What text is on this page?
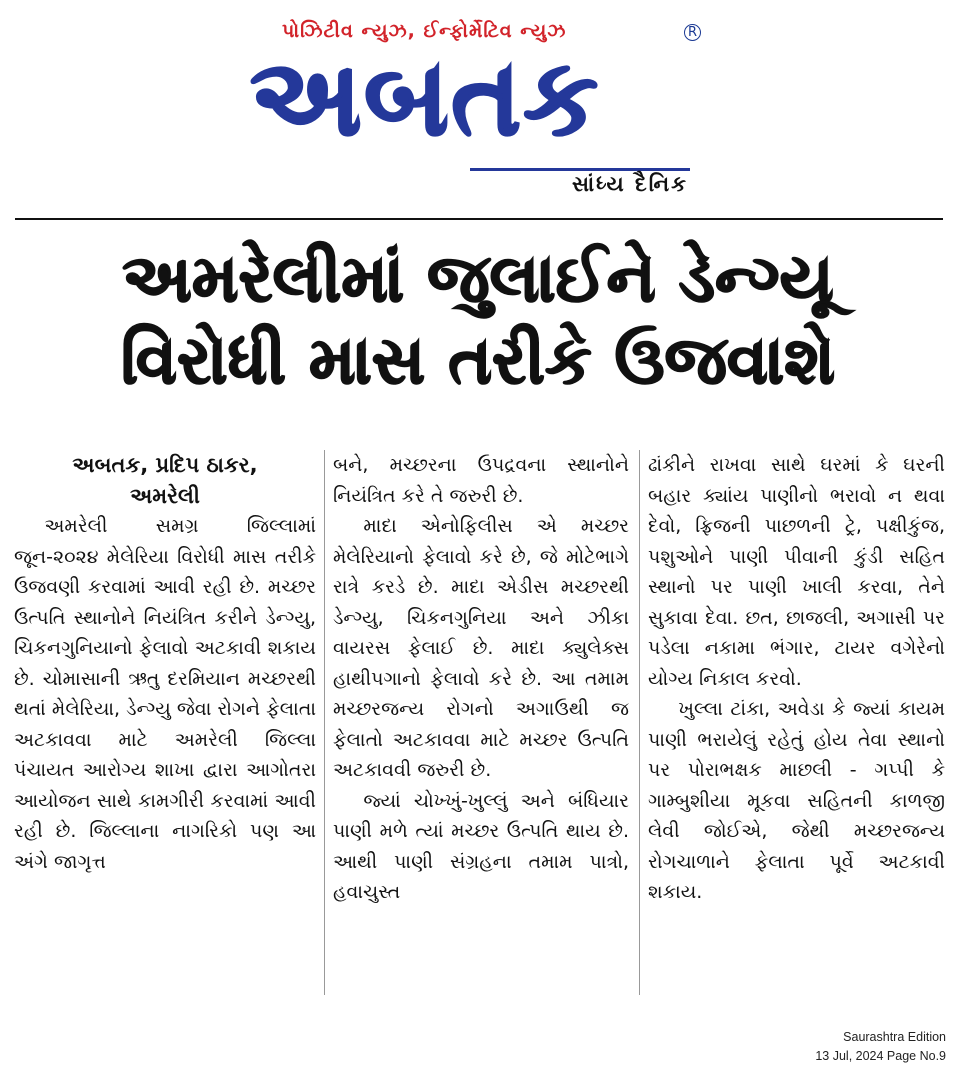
પોઝિટીવ ન્યુઝ, ઈન્ફોર્મેટિવ ન્યુઝ	R
અબતક
સાંધ્ય દૈનિક
અમરેલીમાં જુલાઈને ડેન્ગ્યૂ
વિરોધી માસ તરીકે ઉજવાશે
અબતક, પ્રદિપ ઠાકર,
અમરેલી

અમરેલી સમગ્ર જિલ્લામાં જૂન-૨૦૨૪ મેલેરિયા વિરોધી માસ તરીકે ઉજવણી કરવામાં આવી રહી છે. મચ્છર ઉત્પતિ સ્થાનોને નિયંત્રિત કરીને ડેન્ગ્યુ, ચિકનગુનિયાનો ફેલાવો અટકાવી શકાય છે. ચોમાસાની ઋતુ દરમિયાન મચ્છરથી થતાં મેલેરિયા, ડેન્ગ્યુ જેવા રોગને ફેલાતા અટકાવવા માટે અમરેલી જિલ્લા પંચાયત આરોગ્ય શાખા દ્વારા આગોતરા આયોજન સાથે કામગીરી કરવામાં આવી રહી છે. જિલ્લાના નાગરિકો પણ આ અંગે જાગૃત્ત

બને, મચ્છરના ઉપદ્રવના સ્થાનોને નિયંત્રિત કરે તે જરુરી છે.

માદા એનોફિલીસ એ મચ્છર મેલેરિયાનો ફેલાવો કરે છે, જે મોટેભાગે રાત્રે કરડે છે. માદા એડીસ મચ્છરથી ડેન્ગ્યુ, ચિકનગુનિયા અને ઝીકા વાયરસ ફેલાઈ છે. માદા ક્યુલેક્સ હાથીપગાનો ફેલાવો કરે છે. આ તમામ મચ્છરજન્ય રોગનો અગાઉથી જ ફેલાતો અટકાવવા માટે મચ્છર ઉત્પતિ અટકાવવી જરુરી છે.

જ્યાં ચોખ્ખું-ખુલ્લું અને બંધિયાર પાણી મળે ત્યાં મચ્છર ઉત્પતિ થાય છે. આથી પાણી સંગ્રહના તમામ પાત્રો, હવાચુસ્ત

ઢાંકીને રાખવા સાથે ઘરમાં કે ઘરની બહાર ક્યાંય પાણીનો ભરાવો ન થવા દેવો, ફ્રિજની પાછળની ટ્રે, પક્ષીકુંજ, પશુઓને પાણી પીવાની કુંડી સહિત સ્થાનો પર પાણી ખાલી કરવા, તેને સુકાવા દેવા. છત, છાજલી, અગાસી પર પડેલા નકામા ભંગાર, ટાયર વગેરેનો યોગ્ય નિકાલ કરવો.

ખુલ્લા ટાંકા, અવેડા કે જ્યાં કાયમ પાણી ભરાયેલું રહેતું હોય તેવા સ્થાનો પર પોરાભક્ષક માછલી - ગપ્પી કે ગામ્બુશીયા મૂકવા સહિતની કાળજી લેવી જોઈએ, જેથી મચ્છરજન્ય રોગચાળાને ફેલાતા પૂર્વે અટકાવી શકાય.

Saurashtra Edition
13 Jul, 2024 Page No.9
